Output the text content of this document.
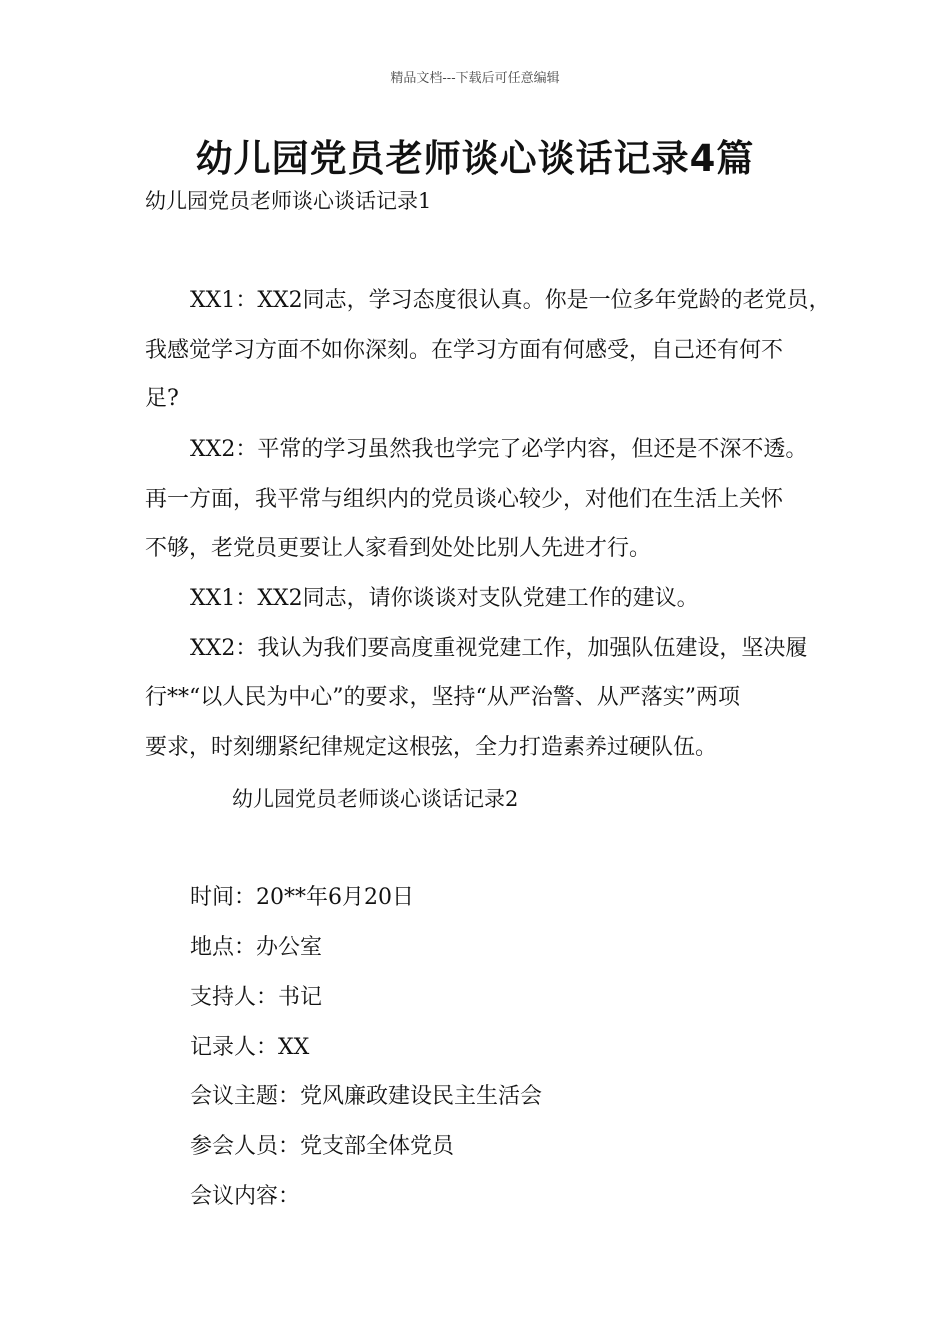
精品文档---下载后可任意编辑
幼儿园党员老师谈心谈话记录4篇
幼儿园党员老师谈心谈话记录1
XX1：XX2同志，学习态度很认真。你是一位多年党龄的老党员，
我感觉学习方面不如你深刻。在学习方面有何感受，自己还有何不
足?
XX2：平常的学习虽然我也学完了必学内容，但还是不深不透。
再一方面，我平常与组织内的党员谈心较少，对他们在生活上关怀
不够，老党员更要让人家看到处处比别人先进才行。
XX1：XX2同志，请你谈谈对支队党建工作的建议。
XX2：我认为我们要高度重视党建工作，加强队伍建设，坚决履
行**“以人民为中心”的要求，坚持“从严治警、从严落实”两项
要求，时刻绷紧纪律规定这根弦，全力打造素养过硬队伍。
幼儿园党员老师谈心谈话记录2
时间：20**年6月20日
地点：办公室
支持人：书记
记录人：XX
会议主题：党风廉政建设民主生活会
参会人员：党支部全体党员
会议内容：
